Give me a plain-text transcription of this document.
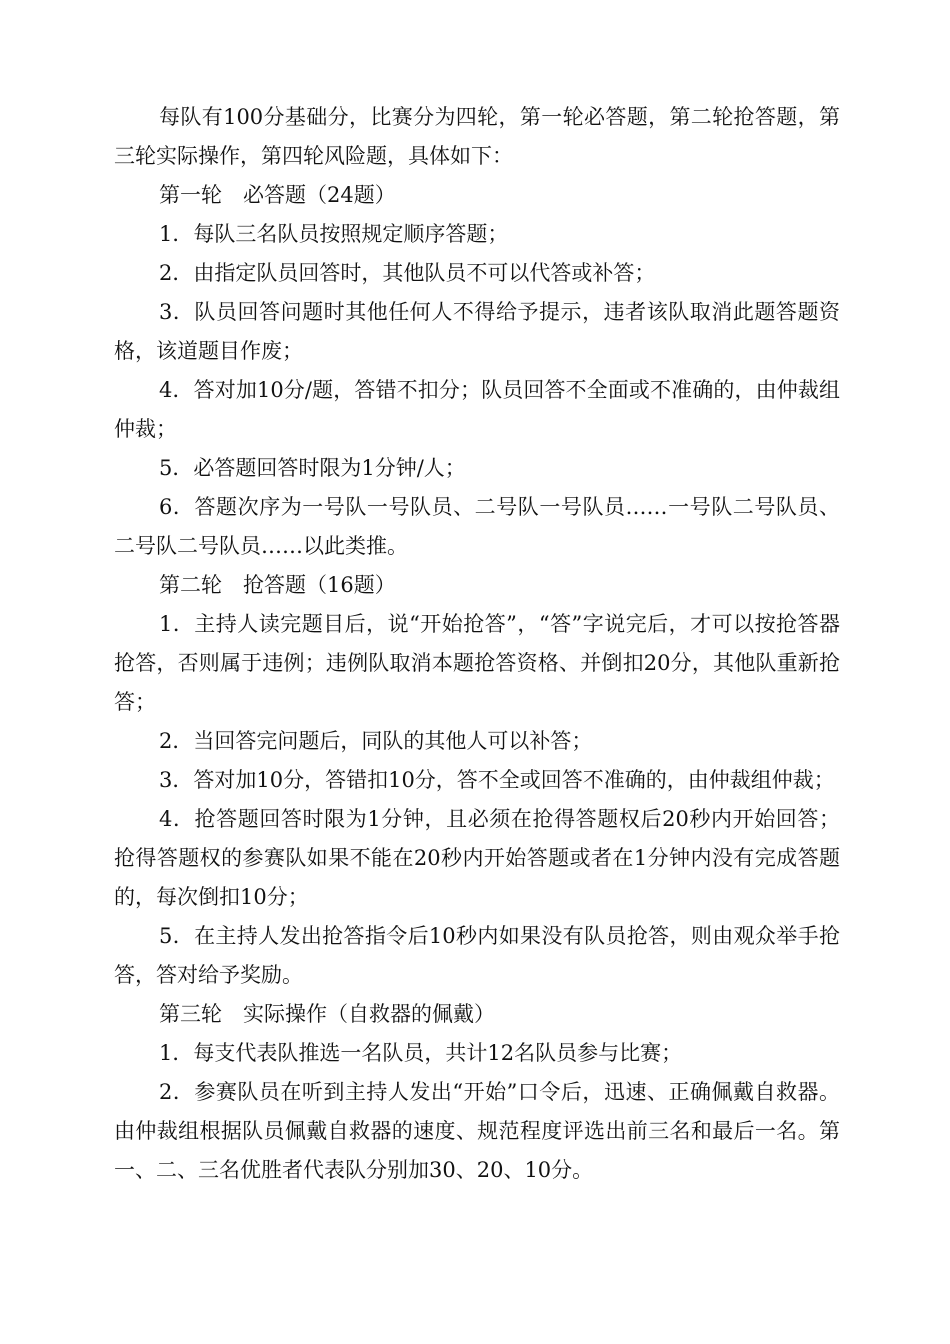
每队有100分基础分，比赛分为四轮，第一轮必答题，第二轮抢答题，第三轮实际操作，第四轮风险题，具体如下：

第一轮　必答题（24题）

1．每队三名队员按照规定顺序答题；

2．由指定队员回答时，其他队员不可以代答或补答；

3．队员回答问题时其他任何人不得给予提示，违者该队取消此题答题资格，该道题目作废；

4．答对加10分/题，答错不扣分；队员回答不全面或不准确的，由仲裁组仲裁；

5．必答题回答时限为1分钟/人；

6．答题次序为一号队一号队员、二号队一号队员……一号队二号队员、二号队二号队员……以此类推。

第二轮　抢答题（16题）

1．主持人读完题目后，说“开始抢答”，“答”字说完后，才可以按抢答器抢答，否则属于违例；违例队取消本题抢答资格、并倒扣20分，其他队重新抢答；

2．当回答完问题后，同队的其他人可以补答；

3．答对加10分，答错扣10分，答不全或回答不准确的，由仲裁组仲裁；

4．抢答题回答时限为1分钟，且必须在抢得答题权后20秒内开始回答；抢得答题权的参赛队如果不能在20秒内开始答题或者在1分钟内没有完成答题的，每次倒扣10分；

5．在主持人发出抢答指令后10秒内如果没有队员抢答，则由观众举手抢答，答对给予奖励。

第三轮　实际操作（自救器的佩戴）

1．每支代表队推选一名队员，共计12名队员参与比赛；

2．参赛队员在听到主持人发出“开始”口令后，迅速、正确佩戴自救器。由仲裁组根据队员佩戴自救器的速度、规范程度评选出前三名和最后一名。第一、二、三名优胜者代表队分别加30、20、10分。
